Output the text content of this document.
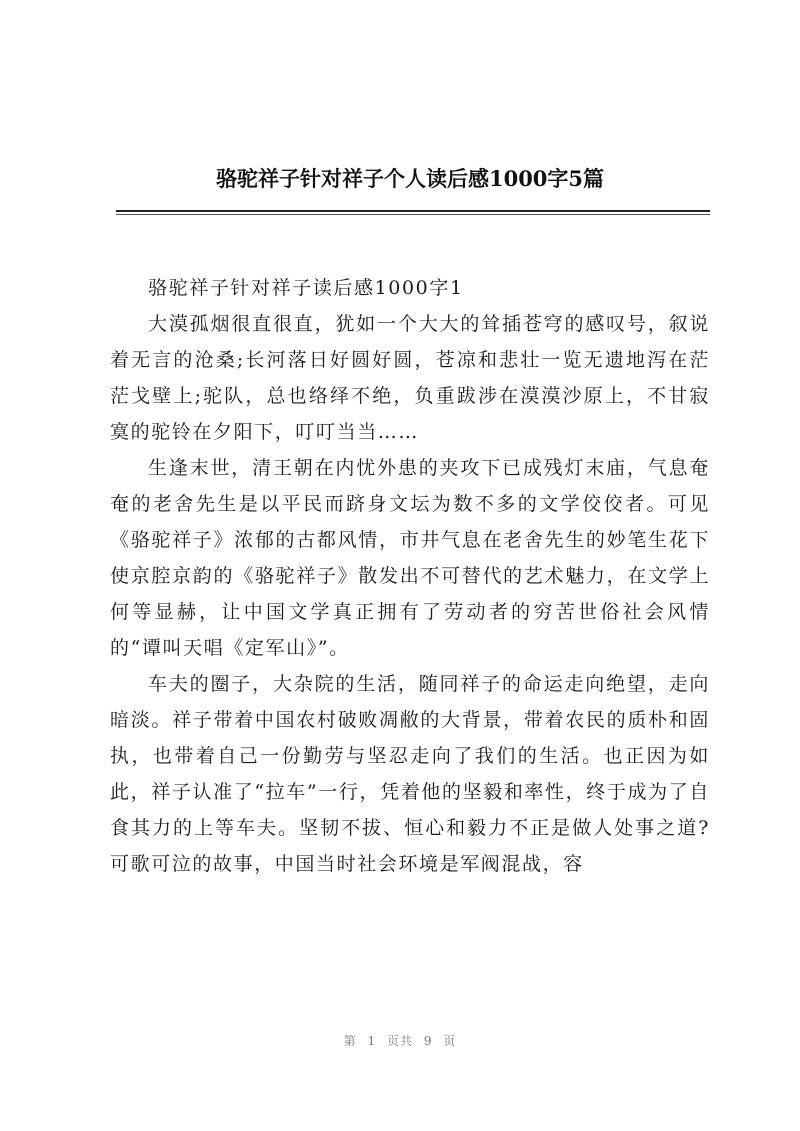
骆驼祥子针对祥子个人读后感1000字5篇

骆驼祥子针对祥子读后感1000字1

大漠孤烟很直很直，犹如一个大大的耸插苍穹的感叹号，叙说着无言的沧桑;长河落日好圆好圆，苍凉和悲壮一览无遗地泻在茫茫戈壁上;驼队，总也络绎不绝，负重跋涉在漠漠沙原上，不甘寂寞的驼铃在夕阳下，叮叮当当……

生逢末世，清王朝在内忧外患的夹攻下已成残灯末庙，气息奄奄的老舍先生是以平民而跻身文坛为数不多的文学佼佼者。可见《骆驼祥子》浓郁的古都风情，市井气息在老舍先生的妙笔生花下使京腔京韵的《骆驼祥子》散发出不可替代的艺术魅力，在文学上何等显赫，让中国文学真正拥有了劳动者的穷苦世俗社会风情的“谭叫天唱《定军山》”。

车夫的圈子，大杂院的生活，随同祥子的命运走向绝望，走向暗淡。祥子带着中国农村破败凋敝的大背景，带着农民的质朴和固执，也带着自己一份勤劳与坚忍走向了我们的生活。也正因为如此，祥子认准了“拉车”一行，凭着他的坚毅和率性，终于成为了自食其力的上等车夫。坚韧不拔、恒心和毅力不正是做人处事之道?可歌可泣的故事，中国当时社会环境是军阀混战，容

第 1 页共 9 页
